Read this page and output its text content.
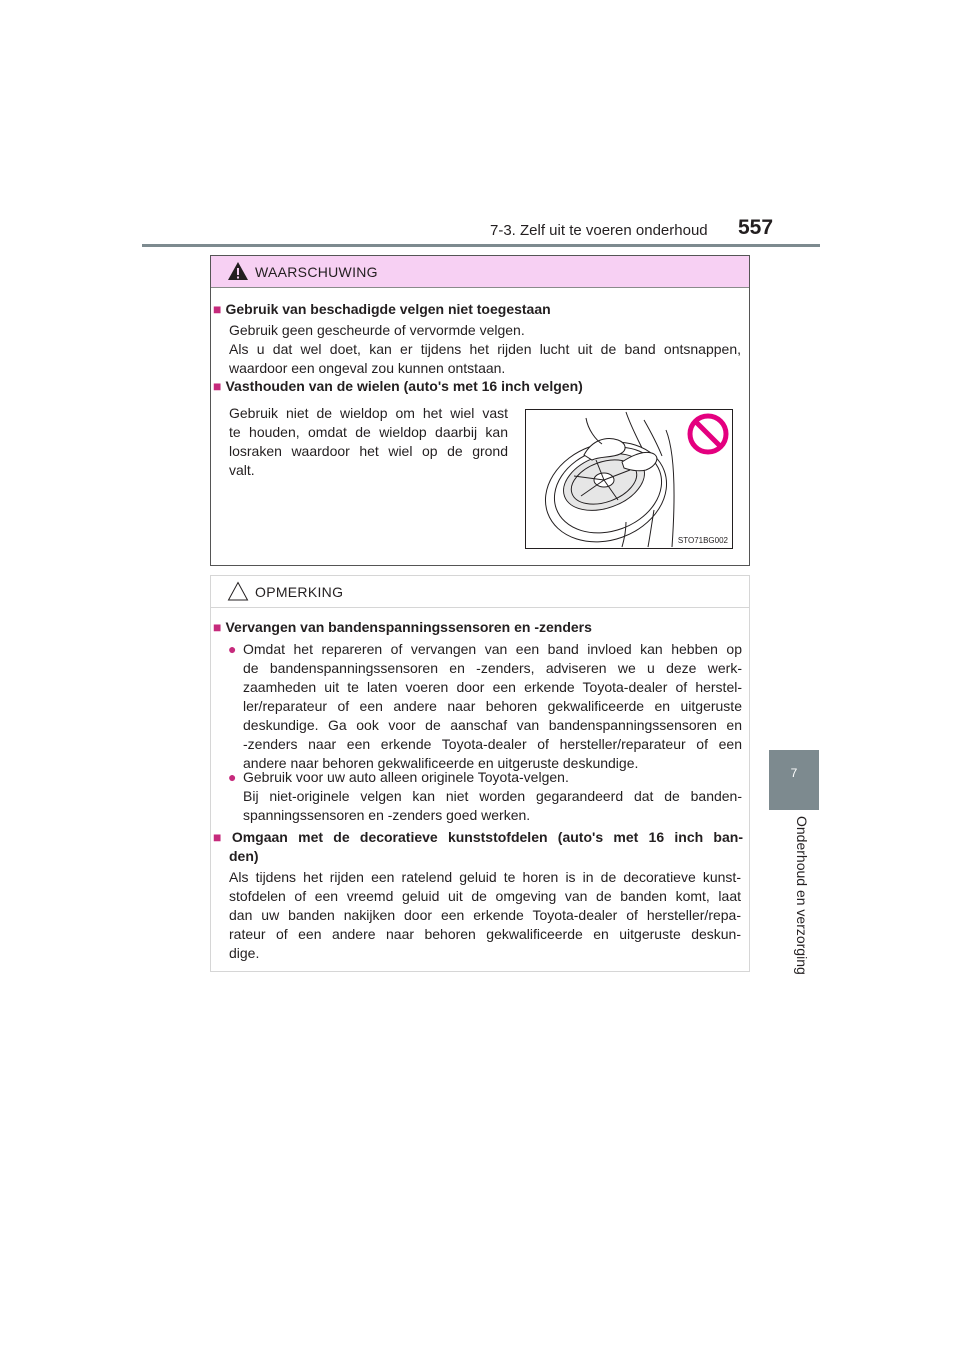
7-3. Zelf uit te voeren onderhoud 557
7
Onderhoud en verzorging
WAARSCHUWING
■ Gebruik van beschadigde velgen niet toegestaan
Gebruik geen gescheurde of vervormde velgen.
Als u dat wel doet, kan er tijdens het rijden lucht uit de band ontsnappen,
waardoor een ongeval zou kunnen ontstaan.
■ Vasthouden van de wielen (auto's met 16 inch velgen)
Gebruik niet de wieldop om het wiel vast
te houden, omdat de wieldop daarbij kan
losraken waardoor het wiel op de grond
valt.
STO71BG002
OPMERKING
■ Vervangen van bandenspanningssensoren en -zenders
● Omdat het repareren of vervangen van een band invloed kan hebben op
de bandenspanningssensoren en -zenders, adviseren we u deze werk-
zaamheden uit te laten voeren door een erkende Toyota-dealer of herstel-
ler/reparateur of een andere naar behoren gekwalificeerde en uitgeruste
deskundige. Ga ook voor de aanschaf van bandenspanningssensoren en
-zenders naar een erkende Toyota-dealer of hersteller/reparateur of een
andere naar behoren gekwalificeerde en uitgeruste deskundige.
● Gebruik voor uw auto alleen originele Toyota-velgen.
Bij niet-originele velgen kan niet worden gegarandeerd dat de banden-
spanningssensoren en -zenders goed werken.
■ Omgaan met de decoratieve kunststofdelen (auto's met 16 inch ban-
den)
Als tijdens het rijden een ratelend geluid te horen is in de decoratieve kunst-
stofdelen of een vreemd geluid uit de omgeving van de banden komt, laat
dan uw banden nakijken door een erkende Toyota-dealer of hersteller/repa-
rateur of een andere naar behoren gekwalificeerde en uitgeruste deskun-
dige.
